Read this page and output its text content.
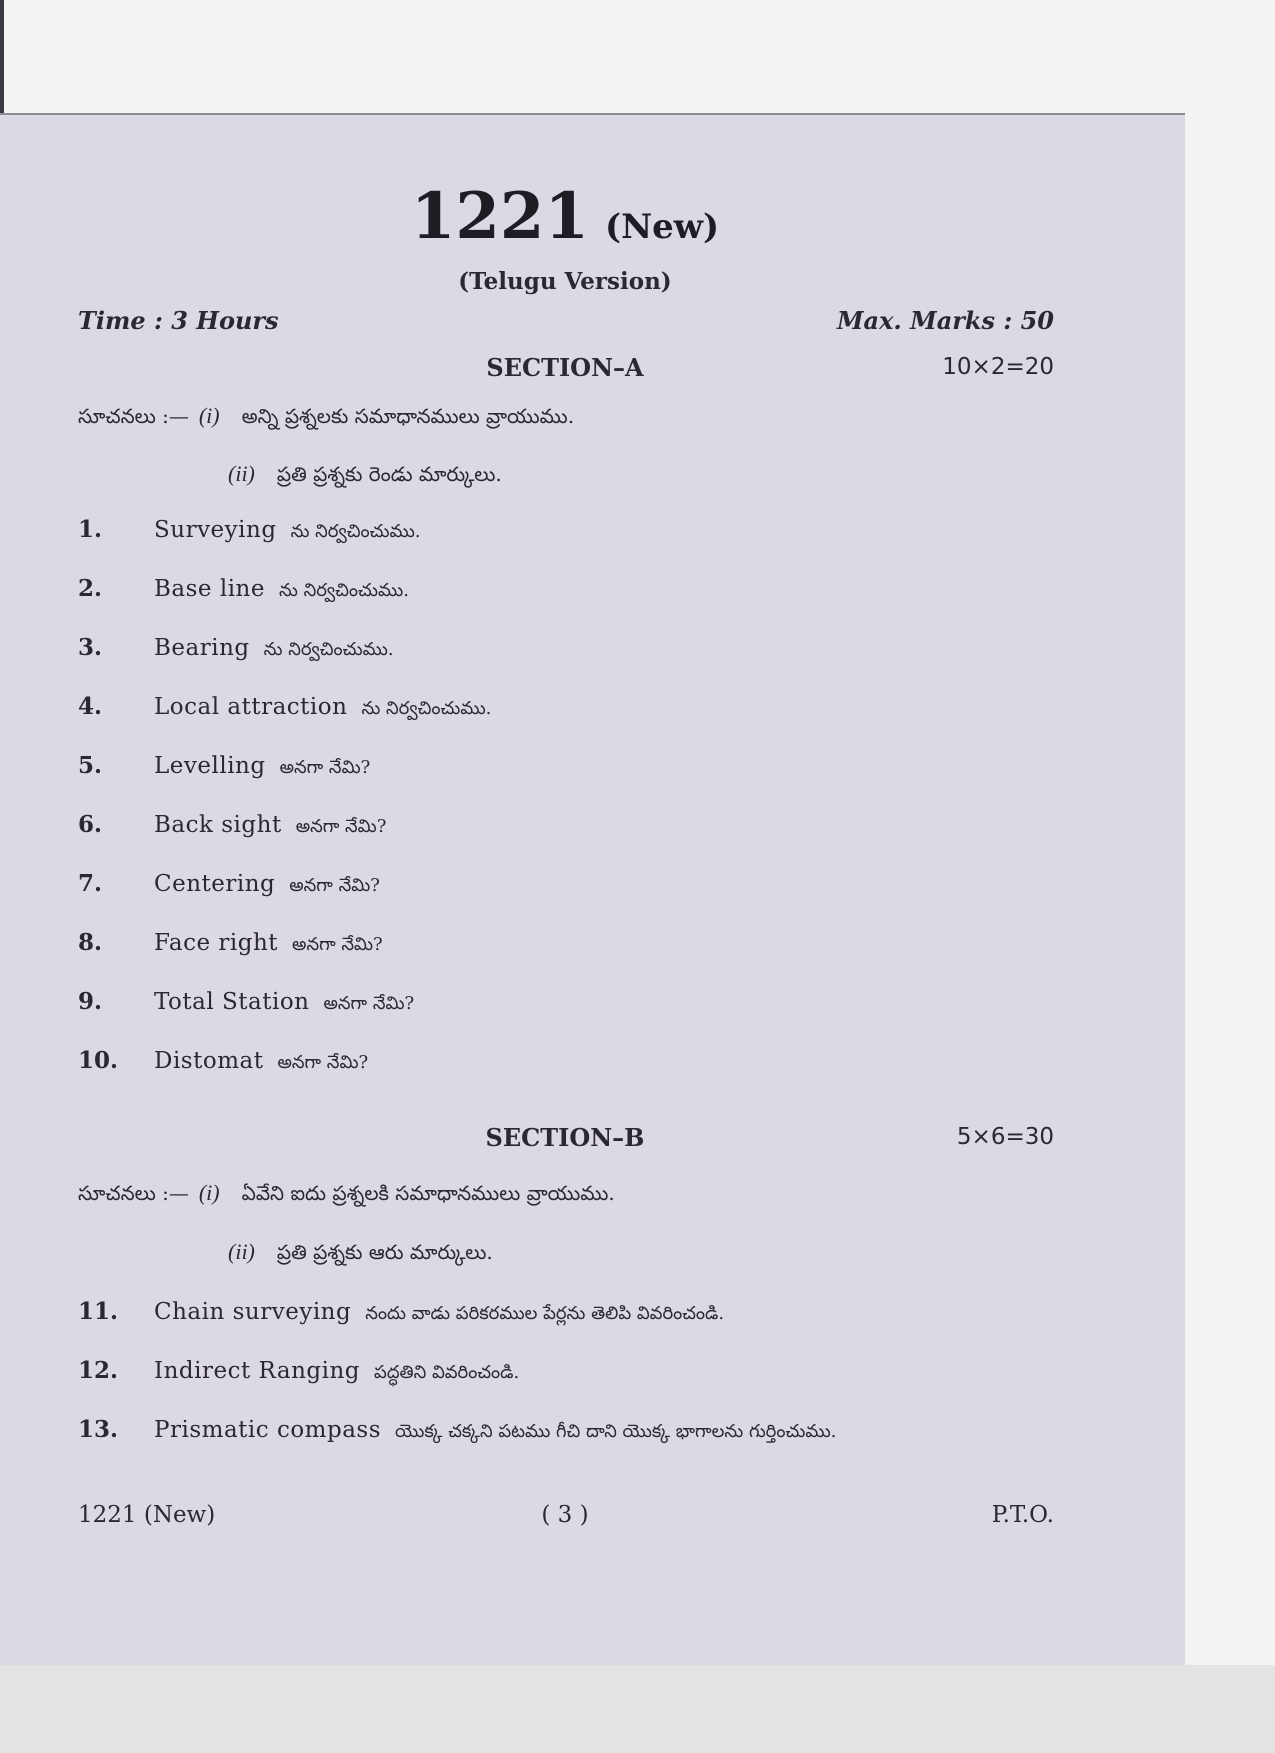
1221 (New)
(Telugu Version)
Time : 3 Hours	Max. Marks : 50
SECTION–A	10×2=20
సూచనలు :— (i) అన్ని ప్రశ్నలకు సమాధానములు వ్రాయుము.
(ii) ప్రతి ప్రశ్నకు రెండు మార్కులు.
1. Surveying ను నిర్వచించుము.
2. Base line ను నిర్వచించుము.
3. Bearing ను నిర్వచించుము.
4. Local attraction ను నిర్వచించుము.
5. Levelling అనగా నేమి?
6. Back sight అనగా నేమి?
7. Centering అనగా నేమి?
8. Face right అనగా నేమి?
9. Total Station అనగా నేమి?
10. Distomat అనగా నేమి?
SECTION–B	5×6=30
సూచనలు :— (i) ఏవేని ఐదు ప్రశ్నలకి సమాధానములు వ్రాయుము.
(ii) ప్రతి ప్రశ్నకు ఆరు మార్కులు.
11. Chain surveying నందు వాడు పరికరముల పేర్లను తెలిపి వివరించండి.
12. Indirect Ranging పద్ధతిని వివరించండి.
13. Prismatic compass యొక్క చక్కని పటము గీచి దాని యొక్క భాగాలను గుర్తించుము.
1221 (New)	( 3 )	P.T.O.
